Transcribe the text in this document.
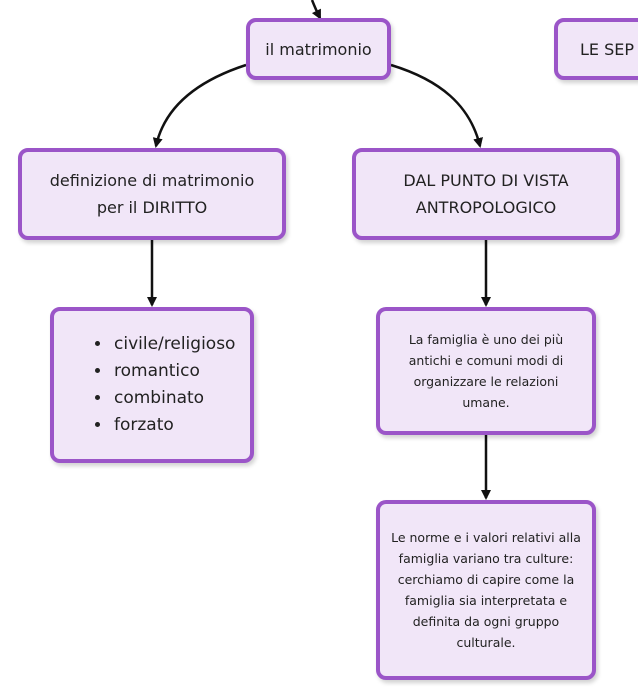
il matrimonio	LE SEP
definizione di matrimonio
per il DIRITTO
DAL PUNTO DI VISTA
ANTROPOLOGICO
• civile/religioso
• romantico
• combinato
• forzato
La famiglia è uno dei più
antichi e comuni modi di
organizzare le relazioni
umane.
Le norme e i valori relativi alla
famiglia variano tra culture:
cerchiamo di capire come la
famiglia sia interpretata e
definita da ogni gruppo
culturale.
